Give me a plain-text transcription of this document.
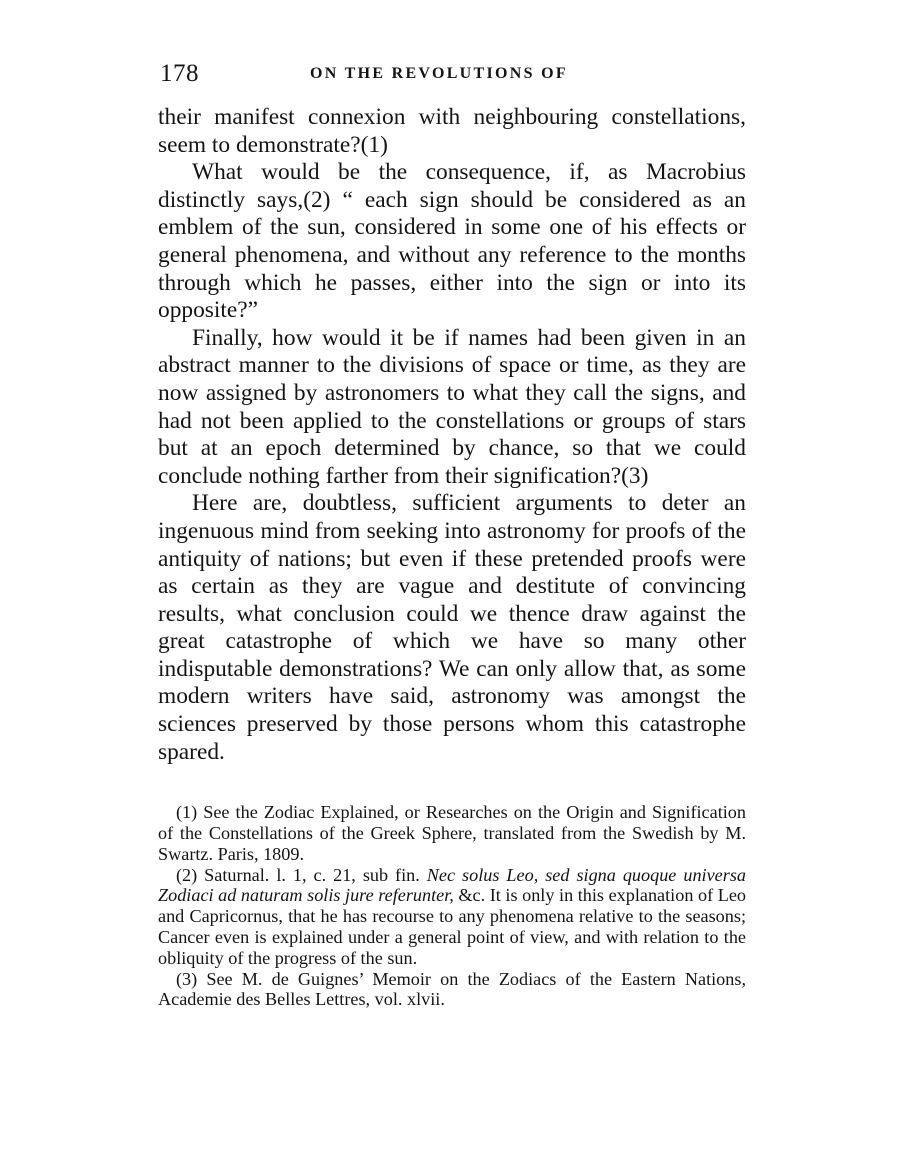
178	ON THE REVOLUTIONS OF

their manifest connexion with neighbouring constellations, seem to demonstrate?(1)

What would be the consequence, if, as Macrobius distinctly says,(2) “ each sign should be considered as an emblem of the sun, considered in some one of his effects or general phenomena, and without any reference to the months through which he passes, either into the sign or into its opposite?”

Finally, how would it be if names had been given in an abstract manner to the divisions of space or time, as they are now assigned by astronomers to what they call the signs, and had not been applied to the constellations or groups of stars but at an epoch determined by chance, so that we could conclude nothing farther from their signification?(3)

Here are, doubtless, sufficient arguments to deter an ingenuous mind from seeking into astronomy for proofs of the antiquity of nations; but even if these pretended proofs were as certain as they are vague and destitute of convincing results, what conclusion could we thence draw against the great catastrophe of which we have so many other indisputable demonstrations? We can only allow that, as some modern writers have said, astronomy was amongst the sciences preserved by those persons whom this catastrophe spared.

(1) See the Zodiac Explained, or Researches on the Origin and Signification of the Constellations of the Greek Sphere, translated from the Swedish by M. Swartz. Paris, 1809.

(2) Saturnal. l. 1, c. 21, sub fin. Nec solus Leo, sed signa quoque universa Zodiaci ad naturam solis jure referunter, &c. It is only in this explanation of Leo and Capricornus, that he has recourse to any phenomena relative to the seasons; Cancer even is explained under a general point of view, and with relation to the obliquity of the progress of the sun.

(3) See M. de Guignes’ Memoir on the Zodiacs of the Eastern Nations, Academie des Belles Lettres, vol. xlvii.
